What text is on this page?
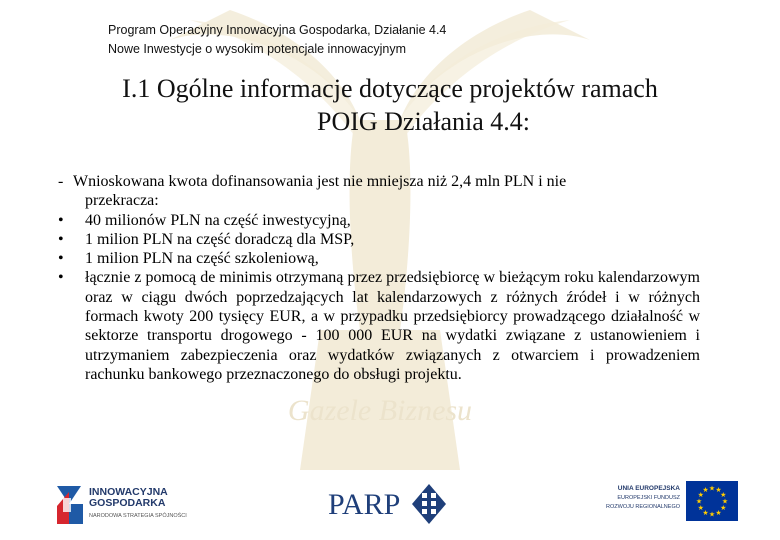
Gazele Biznesu
Program Operacyjny Innowacyjna Gospodarka, Działanie 4.4
Nowe Inwestycje o wysokim potencjale innowacyjnym
I.1 Ogólne informacje dotyczące projektów ramach
POIG Działania 4.4:
- Wnioskowana kwota dofinansowania jest nie mniejsza niż 2,4 mln PLN i nie
przekracza:
•	40 milionów PLN na część inwestycyjną,
•	1 milion PLN na część doradczą dla MSP,
•	1 milion PLN na część szkoleniową,
•	łącznie z pomocą de minimis otrzymaną przez przedsiębiorcę w bieżącym roku kalendarzowym oraz w ciągu dwóch poprzedzających lat kalendarzowych z różnych źródeł i w różnych formach kwoty 200 tysięcy EUR, a w przypadku przedsiębiorcy prowadzącego działalność w sektorze transportu drogowego - 100 000 EUR na wydatki związane z ustanowieniem i utrzymaniem zabezpieczenia oraz wydatków związanych z otwarciem i prowadzeniem rachunku bankowego przeznaczonego do obsługi projektu.
INNOWACYJNA
GOSPODARKA
NARODOWA STRATEGIA SPÓJNOŚCI	PARP	UNIA EUROPEJSKA
EUROPEJSKI FUNDUSZ
ROZWOJU REGIONALNEGO
★
★
★
★
★
★
★
★
★ ★ ★
★
